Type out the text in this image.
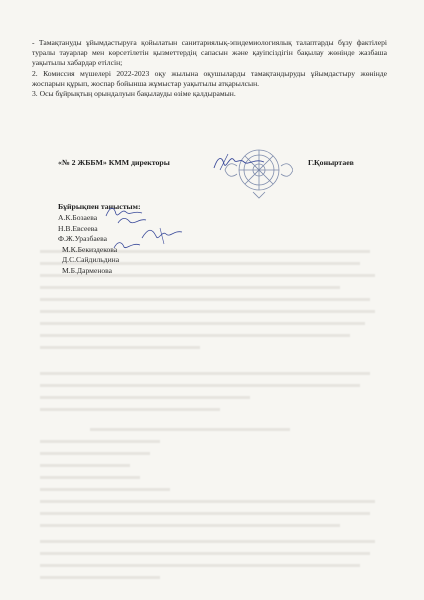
- Тамақтануды ұйымдастыруға қойылатын санитариялық-эпидемиологиялық талаптарды бұзу фактілері туралы тауарлар мен көрсетілетін қызметтердің сапасын және қауіпсіздігін бақылау жөнінде жазбаша уақытылы хабардар етілсін;

2. Комиссия мүшелері 2022-2023 оқу жылына оқушыларды тамақтандыруды ұйымдастыру жөнінде жоспарын құрып, жоспар бойынша жұмыстар уақытылы атқарылсын.

3. Осы бұйрықтың орындалуын бақылауды өзіме қалдырамын.

«№ 2 ЖББМ» КММ директоры	Г.Қоныртаев
Бұйрықпен таныстым:
А.К.Бозаева
Н.В.Евсеева
Ф.Ж.Уразбаева
М.К.Бекиздекова
Д.С.Сайдильдина
М.Б.Дарменова
